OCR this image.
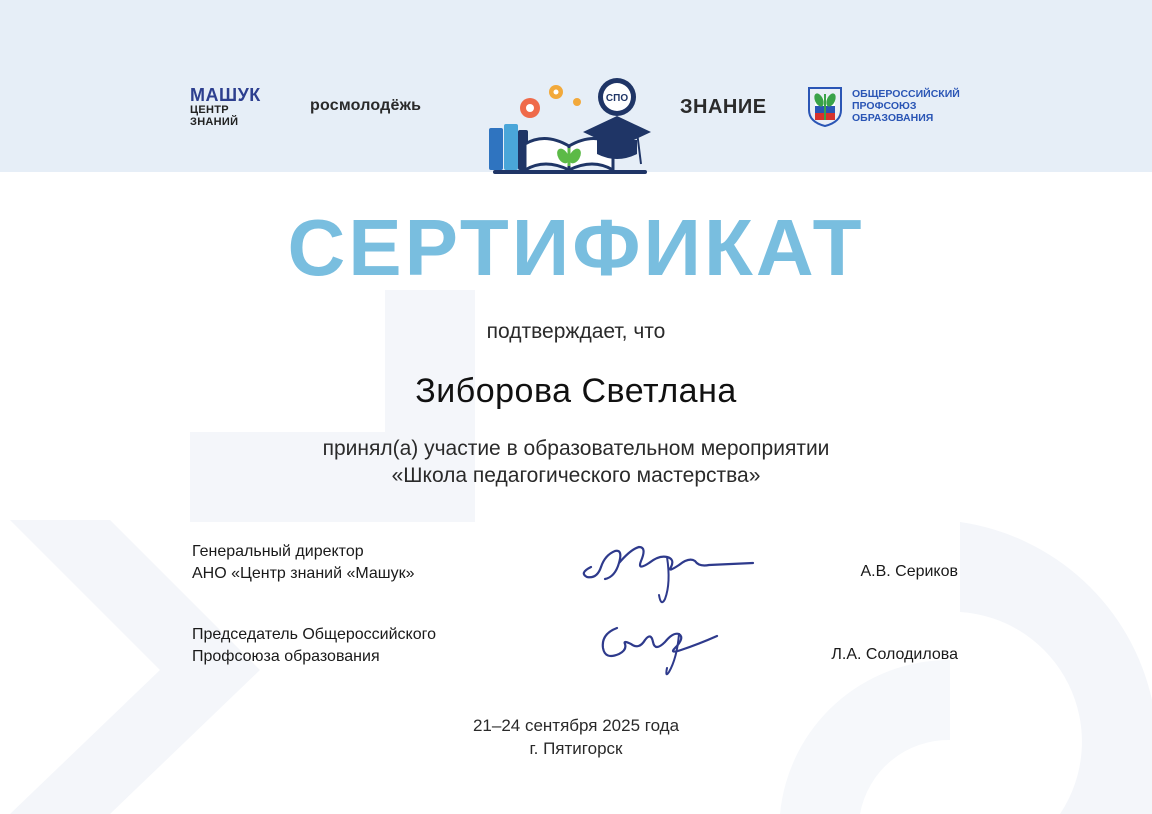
МАШУК
ЦЕНТР
ЗНАНИЙ
росмолодёжь	СПО	ЗНАНИЕ
ОБЩЕРОССИЙСКИЙ
ПРОФСОЮЗ
ОБРАЗОВАНИЯ
СЕРТИФИКАТ
подтверждает, что
Зиборова Светлана
принял(а) участие в образовательном мероприятии
«Школа педагогического мастерства»
Генеральный директор
АНО «Центр знаний «Машук»	А.В. Сериков
Председатель Общероссийского
Профсоюза образования	Л.А. Солодилова
21–24 сентября 2025 года
г. Пятигорск
